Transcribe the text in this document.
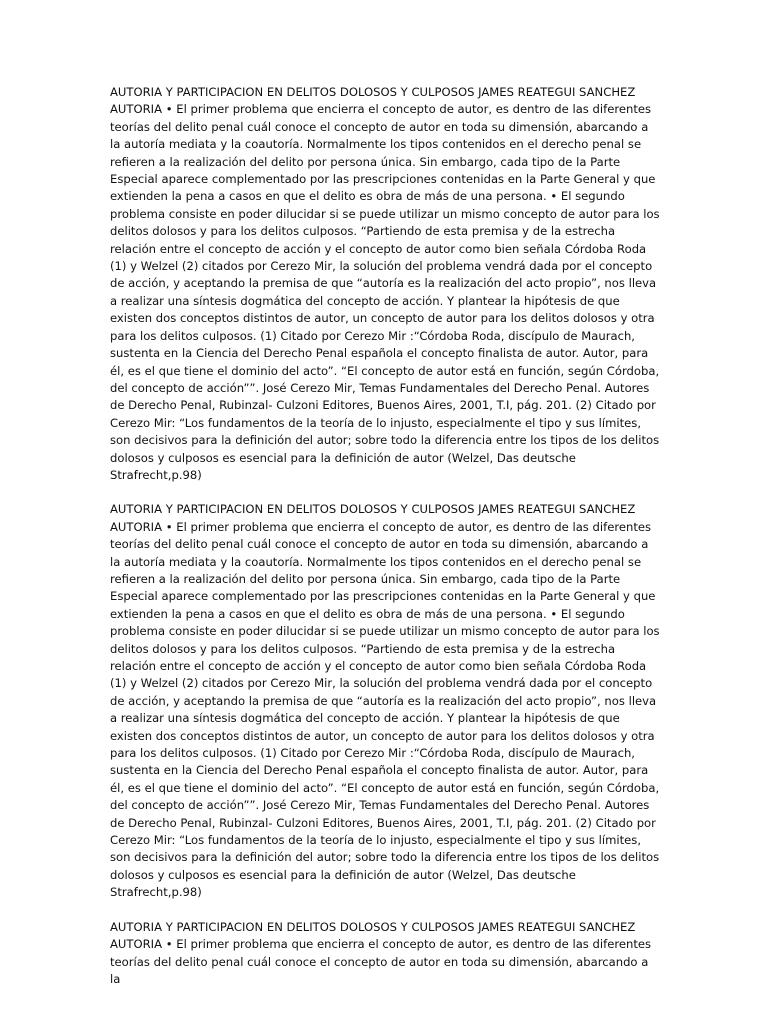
AUTORIA Y PARTICIPACION EN DELITOS DOLOSOS Y CULPOSOS JAMES REATEGUI SANCHEZ AUTORIA • El primer problema que encierra el concepto de autor, es dentro de las diferentes teorías del delito penal cuál conoce el concepto de autor en toda su dimensión, abarcando a la autoría mediata y la coautoría. Normalmente los tipos contenidos en el derecho penal se refieren a la realización del delito por persona única. Sin embargo, cada tipo de la Parte Especial aparece complementado por las prescripciones contenidas en la Parte General y que extienden la pena a casos en que el delito es obra de más de una persona. • El segundo problema consiste en poder dilucidar si se puede utilizar un mismo concepto de autor para los delitos dolosos y para los delitos culposos. “Partiendo de esta premisa y de la estrecha relación entre el concepto de acción y el concepto de autor como bien señala Córdoba Roda (1) y Welzel (2) citados por Cerezo Mir, la solución del problema vendrá dada por el concepto de acción, y aceptando la premisa de que “autoría es la realización del acto propio”, nos lleva a realizar una síntesis dogmática del concepto de acción. Y plantear la hipótesis de que existen dos conceptos distintos de autor, un concepto de autor para los delitos dolosos y otra para los delitos culposos. (1) Citado por Cerezo Mir :“Córdoba Roda, discípulo de Maurach, sustenta en la Ciencia del Derecho Penal española el concepto finalista de autor. Autor, para él, es el que tiene el dominio del acto”. “El concepto de autor está en función, según Córdoba, del concepto de acción””. José Cerezo Mir, Temas Fundamentales del Derecho Penal. Autores de Derecho Penal, Rubinzal- Culzoni Editores, Buenos Aires, 2001, T.I, pág. 201. (2) Citado por Cerezo Mir: “Los fundamentos de la teoría de lo injusto, especialmente el tipo y sus límites, son decisivos para la definición del autor; sobre todo la diferencia entre los tipos de los delitos dolosos y culposos es esencial para la definición de autor (Welzel, Das deutsche Strafrecht,p.98)

AUTORIA Y PARTICIPACION EN DELITOS DOLOSOS Y CULPOSOS JAMES REATEGUI SANCHEZ AUTORIA • El primer problema que encierra el concepto de autor, es dentro de las diferentes teorías del delito penal cuál conoce el concepto de autor en toda su dimensión, abarcando a la autoría mediata y la coautoría. Normalmente los tipos contenidos en el derecho penal se refieren a la realización del delito por persona única. Sin embargo, cada tipo de la Parte Especial aparece complementado por las prescripciones contenidas en la Parte General y que extienden la pena a casos en que el delito es obra de más de una persona. • El segundo problema consiste en poder dilucidar si se puede utilizar un mismo concepto de autor para los delitos dolosos y para los delitos culposos. “Partiendo de esta premisa y de la estrecha relación entre el concepto de acción y el concepto de autor como bien señala Córdoba Roda (1) y Welzel (2) citados por Cerezo Mir, la solución del problema vendrá dada por el concepto de acción, y aceptando la premisa de que “autoría es la realización del acto propio”, nos lleva a realizar una síntesis dogmática del concepto de acción. Y plantear la hipótesis de que existen dos conceptos distintos de autor, un concepto de autor para los delitos dolosos y otra para los delitos culposos. (1) Citado por Cerezo Mir :“Córdoba Roda, discípulo de Maurach, sustenta en la Ciencia del Derecho Penal española el concepto finalista de autor. Autor, para él, es el que tiene el dominio del acto”. “El concepto de autor está en función, según Córdoba, del concepto de acción””. José Cerezo Mir, Temas Fundamentales del Derecho Penal. Autores de Derecho Penal, Rubinzal- Culzoni Editores, Buenos Aires, 2001, T.I, pág. 201. (2) Citado por Cerezo Mir: “Los fundamentos de la teoría de lo injusto, especialmente el tipo y sus límites, son decisivos para la definición del autor; sobre todo la diferencia entre los tipos de los delitos dolosos y culposos es esencial para la definición de autor (Welzel, Das deutsche Strafrecht,p.98)

AUTORIA Y PARTICIPACION EN DELITOS DOLOSOS Y CULPOSOS JAMES REATEGUI SANCHEZ AUTORIA • El primer problema que encierra el concepto de autor, es dentro de las diferentes teorías del delito penal cuál conoce el concepto de autor en toda su dimensión, abarcando a la
